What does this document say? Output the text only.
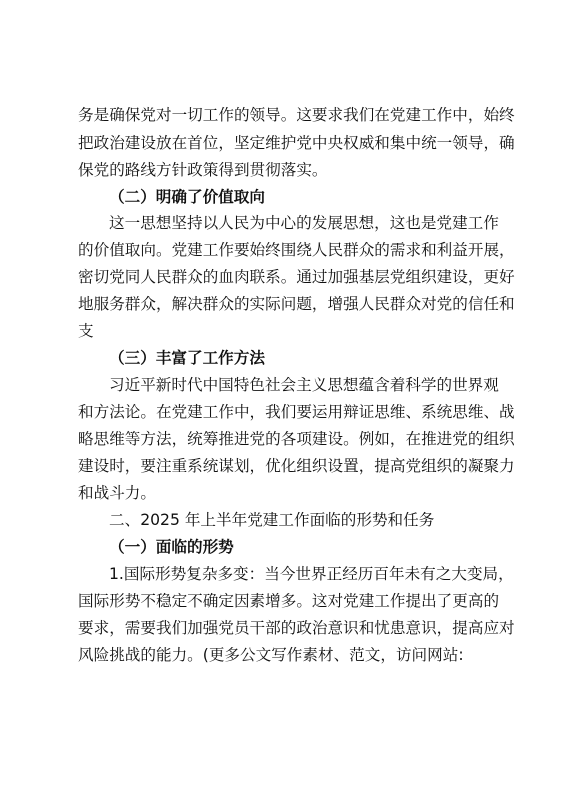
务是确保党对一切工作的领导。这要求我们在党建工作中，始终
把政治建设放在首位，坚定维护党中央权威和集中统一领导，确
保党的路线方针政策得到贯彻落实。
（二）明确了价值取向
这一思想坚持以人民为中心的发展思想，这也是党建工作
的价值取向。党建工作要始终围绕人民群众的需求和利益开展，
密切党同人民群众的血肉联系。通过加强基层党组织建设，更好
地服务群众，解决群众的实际问题，增强人民群众对党的信任和
支
（三）丰富了工作方法
习近平新时代中国特色社会主义思想蕴含着科学的世界观
和方法论。在党建工作中，我们要运用辩证思维、系统思维、战
略思维等方法，统筹推进党的各项建设。例如，在推进党的组织
建设时，要注重系统谋划，优化组织设置，提高党组织的凝聚力
和战斗力。
二、2025 年上半年党建工作面临的形势和任务
（一）面临的形势
1.国际形势复杂多变：当今世界正经历百年未有之大变局，
国际形势不稳定不确定因素增多。这对党建工作提出了更高的
要求，需要我们加强党员干部的政治意识和忧患意识，提高应对
风险挑战的能力。(更多公文写作素材、范文，访问网站:
